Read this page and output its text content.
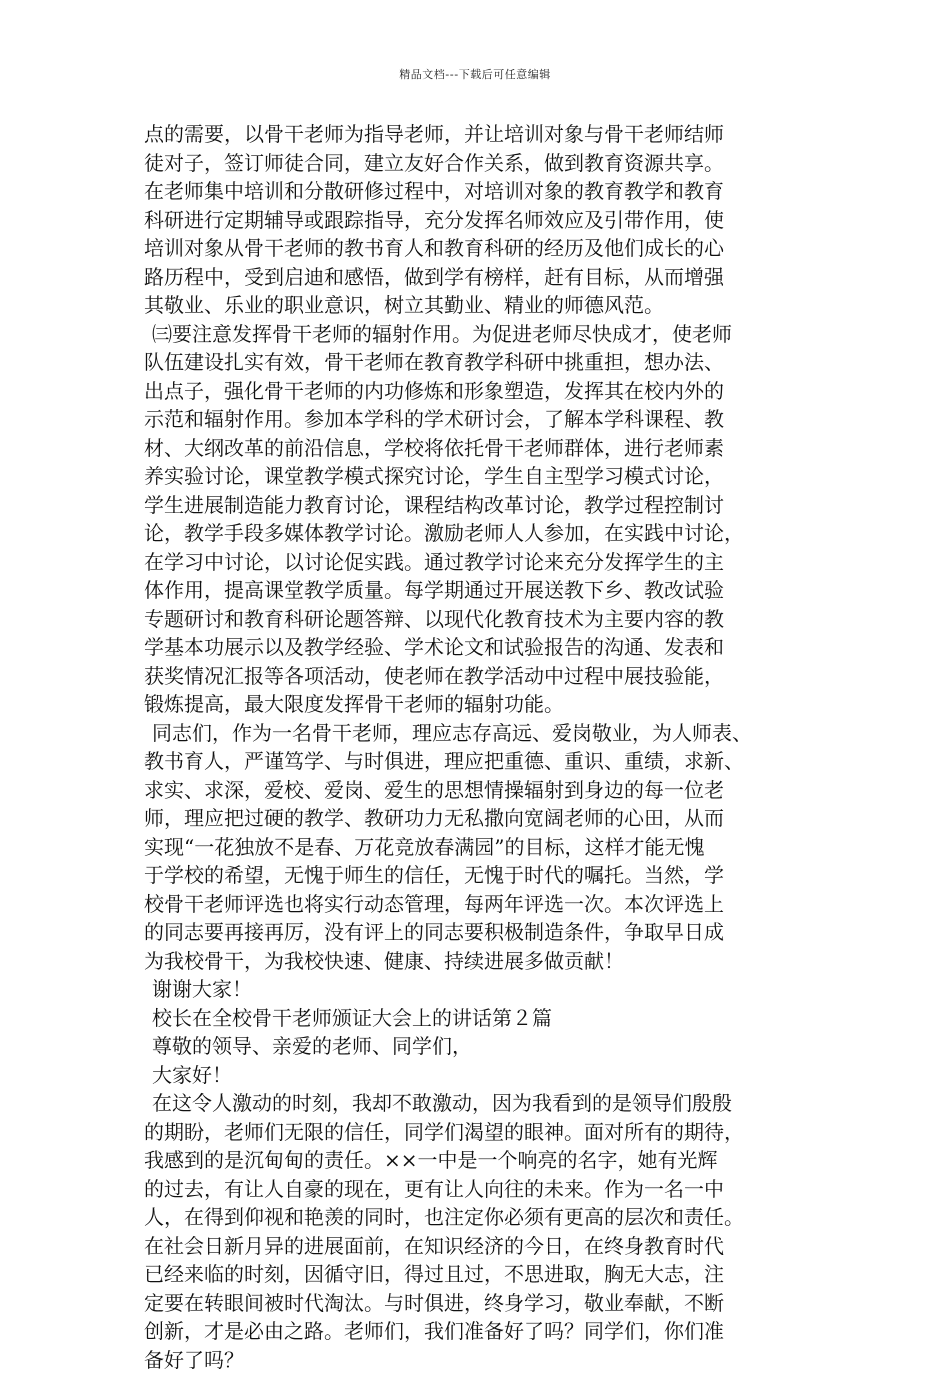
精品文档---下载后可任意编辑
点的需要，以骨干老师为指导老师，并让培训对象与骨干老师结师
徒对子，签订师徒合同，建立友好合作关系，做到教育资源共享。
在老师集中培训和分散研修过程中，对培训对象的教育教学和教育
科研进行定期辅导或跟踪指导，充分发挥名师效应及引带作用，使
培训对象从骨干老师的教书育人和教育科研的经历及他们成长的心
路历程中，受到启迪和感悟，做到学有榜样，赶有目标，从而增强
其敬业、乐业的职业意识，树立其勤业、精业的师德风范。
㈢要注意发挥骨干老师的辐射作用。为促进老师尽快成才，使老师
队伍建设扎实有效，骨干老师在教育教学科研中挑重担，想办法、
出点子，强化骨干老师的内功修炼和形象塑造，发挥其在校内外的
示范和辐射作用。参加本学科的学术研讨会，了解本学科课程、教
材、大纲改革的前沿信息，学校将依托骨干老师群体，进行老师素
养实验讨论，课堂教学模式探究讨论，学生自主型学习模式讨论，
学生进展制造能力教育讨论，课程结构改革讨论，教学过程控制讨
论，教学手段多媒体教学讨论。激励老师人人参加，在实践中讨论，
在学习中讨论，以讨论促实践。通过教学讨论来充分发挥学生的主
体作用，提高课堂教学质量。每学期通过开展送教下乡、教改试验
专题研讨和教育科研论题答辩、以现代化教育技术为主要内容的教
学基本功展示以及教学经验、学术论文和试验报告的沟通、发表和
获奖情况汇报等各项活动，使老师在教学活动中过程中展技验能，
锻炼提高，最大限度发挥骨干老师的辐射功能。
同志们，作为一名骨干老师，理应志存高远、爱岗敬业，为人师表、
教书育人，严谨笃学、与时俱进，理应把重德、重识、重绩，求新、
求实、求深，爱校、爱岗、爱生的思想情操辐射到身边的每一位老
师，理应把过硬的教学、教研功力无私撒向宽阔老师的心田，从而
实现“一花独放不是春、万花竞放春满园”的目标，这样才能无愧
于学校的希望，无愧于师生的信任，无愧于时代的嘱托。当然，学
校骨干老师评选也将实行动态管理，每两年评选一次。本次评选上
的同志要再接再厉，没有评上的同志要积极制造条件，争取早日成
为我校骨干，为我校快速、健康、持续进展多做贡献！
谢谢大家！
校长在全校骨干老师颁证大会上的讲话第２篇
尊敬的领导、亲爱的老师、同学们，
大家好！
在这令人激动的时刻，我却不敢激动，因为我看到的是领导们殷殷
的期盼，老师们无限的信任，同学们渴望的眼神。面对所有的期待，
我感到的是沉甸甸的责任。××一中是一个响亮的名字，她有光辉
的过去，有让人自豪的现在，更有让人向往的未来。作为一名一中
人，在得到仰视和艳羡的同时，也注定你必须有更高的层次和责任。
在社会日新月异的进展面前，在知识经济的今日，在终身教育时代
已经来临的时刻，因循守旧，得过且过，不思进取，胸无大志，注
定要在转眼间被时代淘汰。与时俱进，终身学习，敬业奉献，不断
创新，才是必由之路。老师们，我们准备好了吗？同学们，你们准
备好了吗？
